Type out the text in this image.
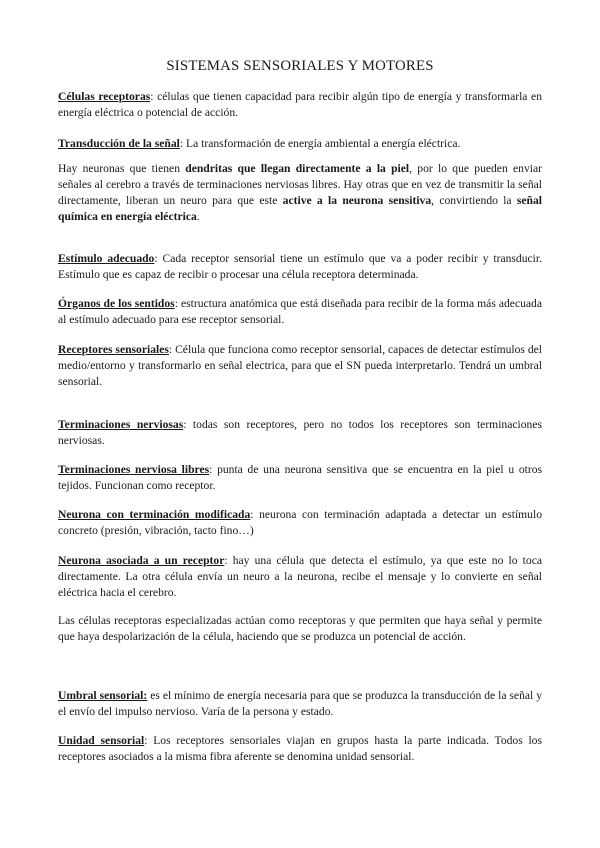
SISTEMAS SENSORIALES Y MOTORES

Células receptoras: células que tienen capacidad para recibir algún tipo de energía y transformarla en energía eléctrica o potencial de acción.

Transducción de la señal: La transformación de energía ambiental a energía eléctrica.

Hay neuronas que tienen dendritas que llegan directamente a la piel, por lo que pueden enviar señales al cerebro a través de terminaciones nerviosas libres. Hay otras que en vez de transmitir la señal directamente, liberan un neuro para que este active a la neurona sensitiva, convirtiendo la señal química en energía eléctrica.

Estímulo adecuado: Cada receptor sensorial tiene un estímulo que va a poder recibir y transducir. Estímulo que es capaz de recibir o procesar una célula receptora determinada.

Órganos de los sentidos: estructura anatómica que está diseñada para recibir de la forma más adecuada al estímulo adecuado para ese receptor sensorial.

Receptores sensoriales: Célula que funciona como receptor sensorial, capaces de detectar estímulos del medio/entorno y transformarlo en señal electrica, para que el SN pueda interpretarlo. Tendrá un umbral sensorial.

Terminaciones nerviosas: todas son receptores, pero no todos los receptores son terminaciones nerviosas.

Terminaciones nerviosa libres: punta de una neurona sensitiva que se encuentra en la piel u otros tejidos. Funcionan como receptor.

Neurona con terminación modificada: neurona con terminación adaptada a detectar un estímulo concreto (presión, vibración, tacto fino…)

Neurona asociada a un receptor: hay una célula que detecta el estímulo, ya que este no lo toca directamente. La otra célula envía un neuro a la neurona, recibe el mensaje y lo convierte en señal eléctrica hacia el cerebro.

Las células receptoras especializadas actúan como receptoras y que permiten que haya señal y permite que haya despolarización de la célula, haciendo que se produzca un potencial de acción.

Umbral sensorial: es el mínimo de energía necesaria para que se produzca la transducción de la señal y el envío del impulso nervioso. Varía de la persona y estado.

Unidad sensorial: Los receptores sensoriales viajan en grupos hasta la parte indicada. Todos los receptores asociados a la misma fibra aferente se denomina unidad sensorial.
